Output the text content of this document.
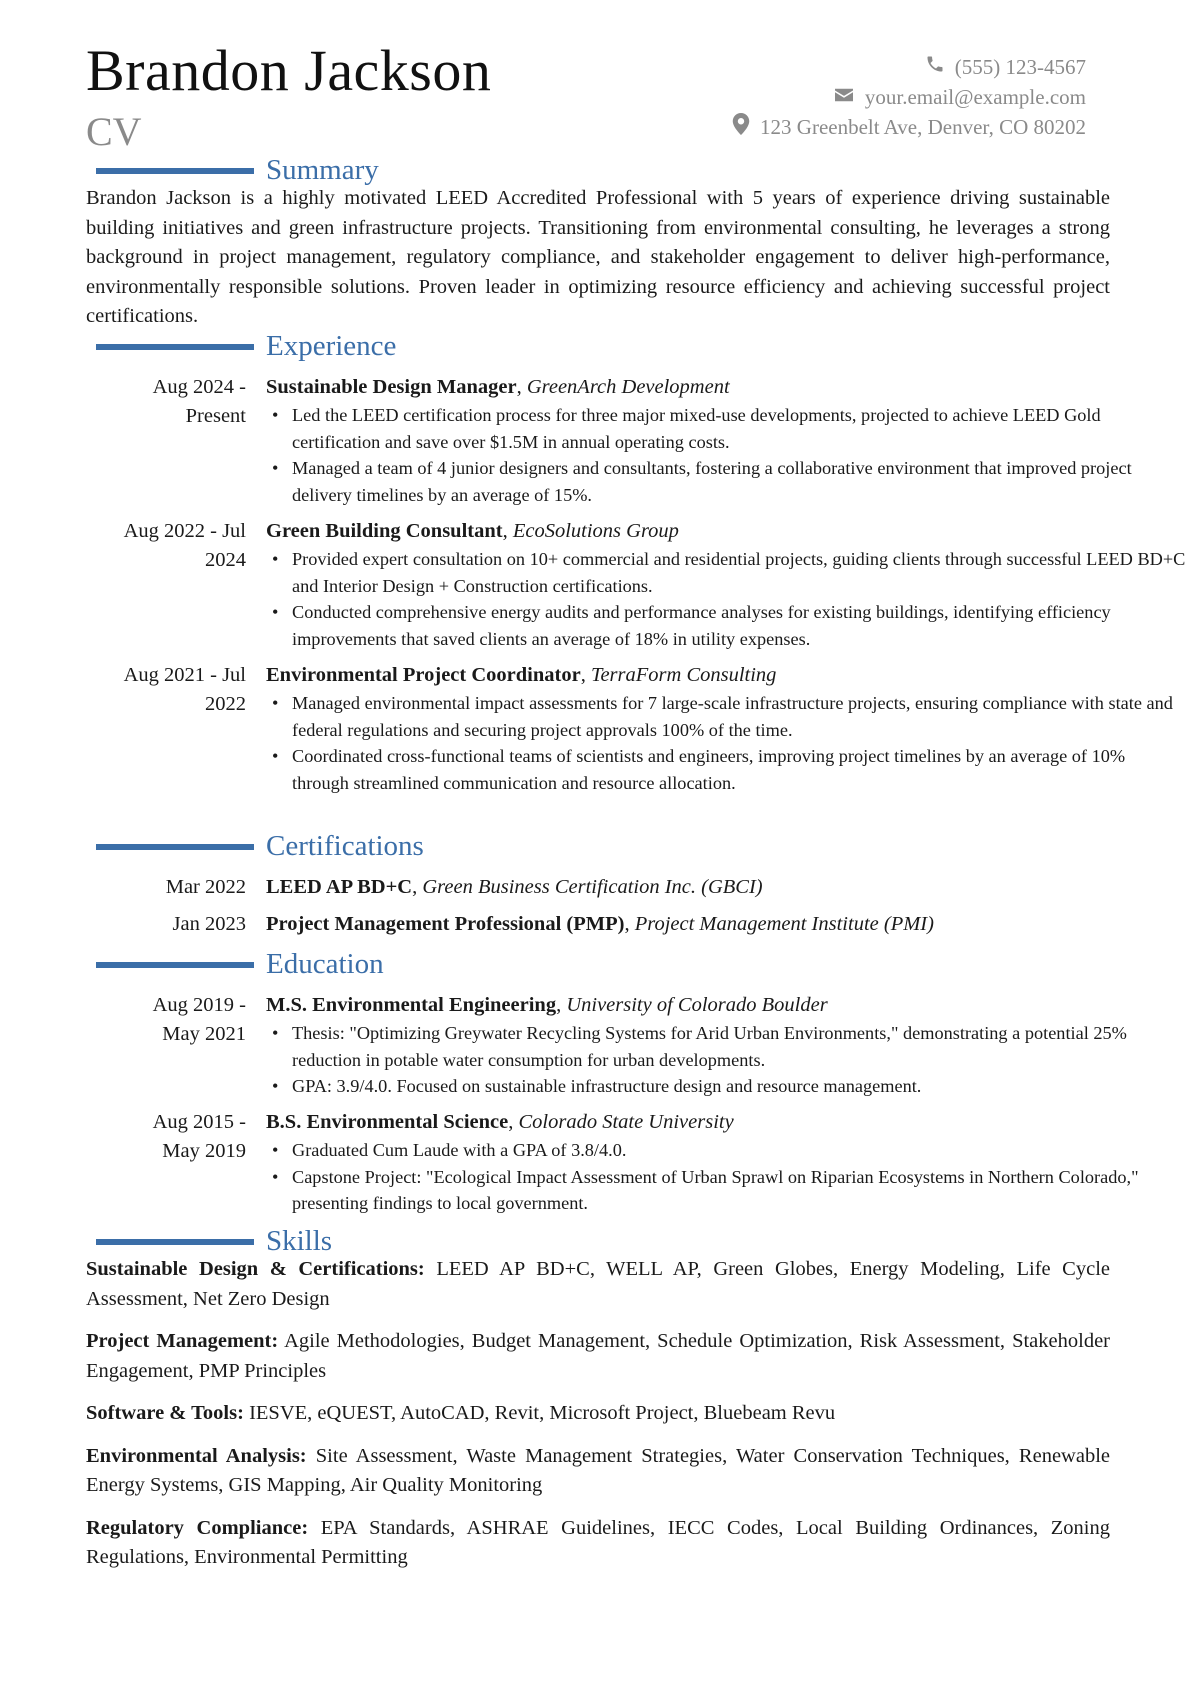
Brandon Jackson
CV
(555) 123-4567
your.email@example.com
123 Greenbelt Ave, Denver, CO 80202
Summary
Brandon Jackson is a highly motivated LEED Accredited Professional with 5 years of experience driving sustainable building initiatives and green infrastructure projects. Transitioning from environmental consulting, he leverages a strong background in project management, regulatory compliance, and stakeholder engagement to deliver high-performance, environmentally responsible solutions. Proven leader in optimizing resource efficiency and achieving successful project certifications.
Experience
Aug 2024 -
Present
Sustainable Design Manager, GreenArch Development
• Led the LEED certification process for three major mixed-use developments, projected to achieve LEED Gold certification and save over $1.5M in annual operating costs.
• Managed a team of 4 junior designers and consultants, fostering a collaborative environment that improved project delivery timelines by an average of 15%.
Aug 2022 - Jul
2024
Green Building Consultant, EcoSolutions Group
• Provided expert consultation on 10+ commercial and residential projects, guiding clients through successful LEED BD+C and Interior Design + Construction certifications.
• Conducted comprehensive energy audits and performance analyses for existing buildings, identifying efficiency improvements that saved clients an average of 18% in utility expenses.
Aug 2021 - Jul
2022
Environmental Project Coordinator, TerraForm Consulting
• Managed environmental impact assessments for 7 large-scale infrastructure projects, ensuring compliance with state and federal regulations and securing project approvals 100% of the time.
• Coordinated cross-functional teams of scientists and engineers, improving project timelines by an average of 10% through streamlined communication and resource allocation.
Certifications
Mar 2022 LEED AP BD+C, Green Business Certification Inc. (GBCI)
Jan 2023 Project Management Professional (PMP), Project Management Institute (PMI)
Education
Aug 2019 -
May 2021
M.S. Environmental Engineering, University of Colorado Boulder
• Thesis: "Optimizing Greywater Recycling Systems for Arid Urban Environments," demonstrating a potential 25% reduction in potable water consumption for urban developments.
• GPA: 3.9/4.0. Focused on sustainable infrastructure design and resource management.
Aug 2015 -
May 2019
B.S. Environmental Science, Colorado State University
• Graduated Cum Laude with a GPA of 3.8/4.0.
• Capstone Project: "Ecological Impact Assessment of Urban Sprawl on Riparian Ecosystems in Northern Colorado," presenting findings to local government.
Skills

Sustainable Design & Certifications: LEED AP BD+C, WELL AP, Green Globes, Energy Modeling, Life Cycle Assessment, Net Zero Design

Project Management: Agile Methodologies, Budget Management, Schedule Optimization, Risk Assessment, Stakeholder Engagement, PMP Principles

Software & Tools: IESVE, eQUEST, AutoCAD, Revit, Microsoft Project, Bluebeam Revu

Environmental Analysis: Site Assessment, Waste Management Strategies, Water Conservation Techniques, Renewable Energy Systems, GIS Mapping, Air Quality Monitoring

Regulatory Compliance: EPA Standards, ASHRAE Guidelines, IECC Codes, Local Building Ordinances, Zoning Regulations, Environmental Permitting
